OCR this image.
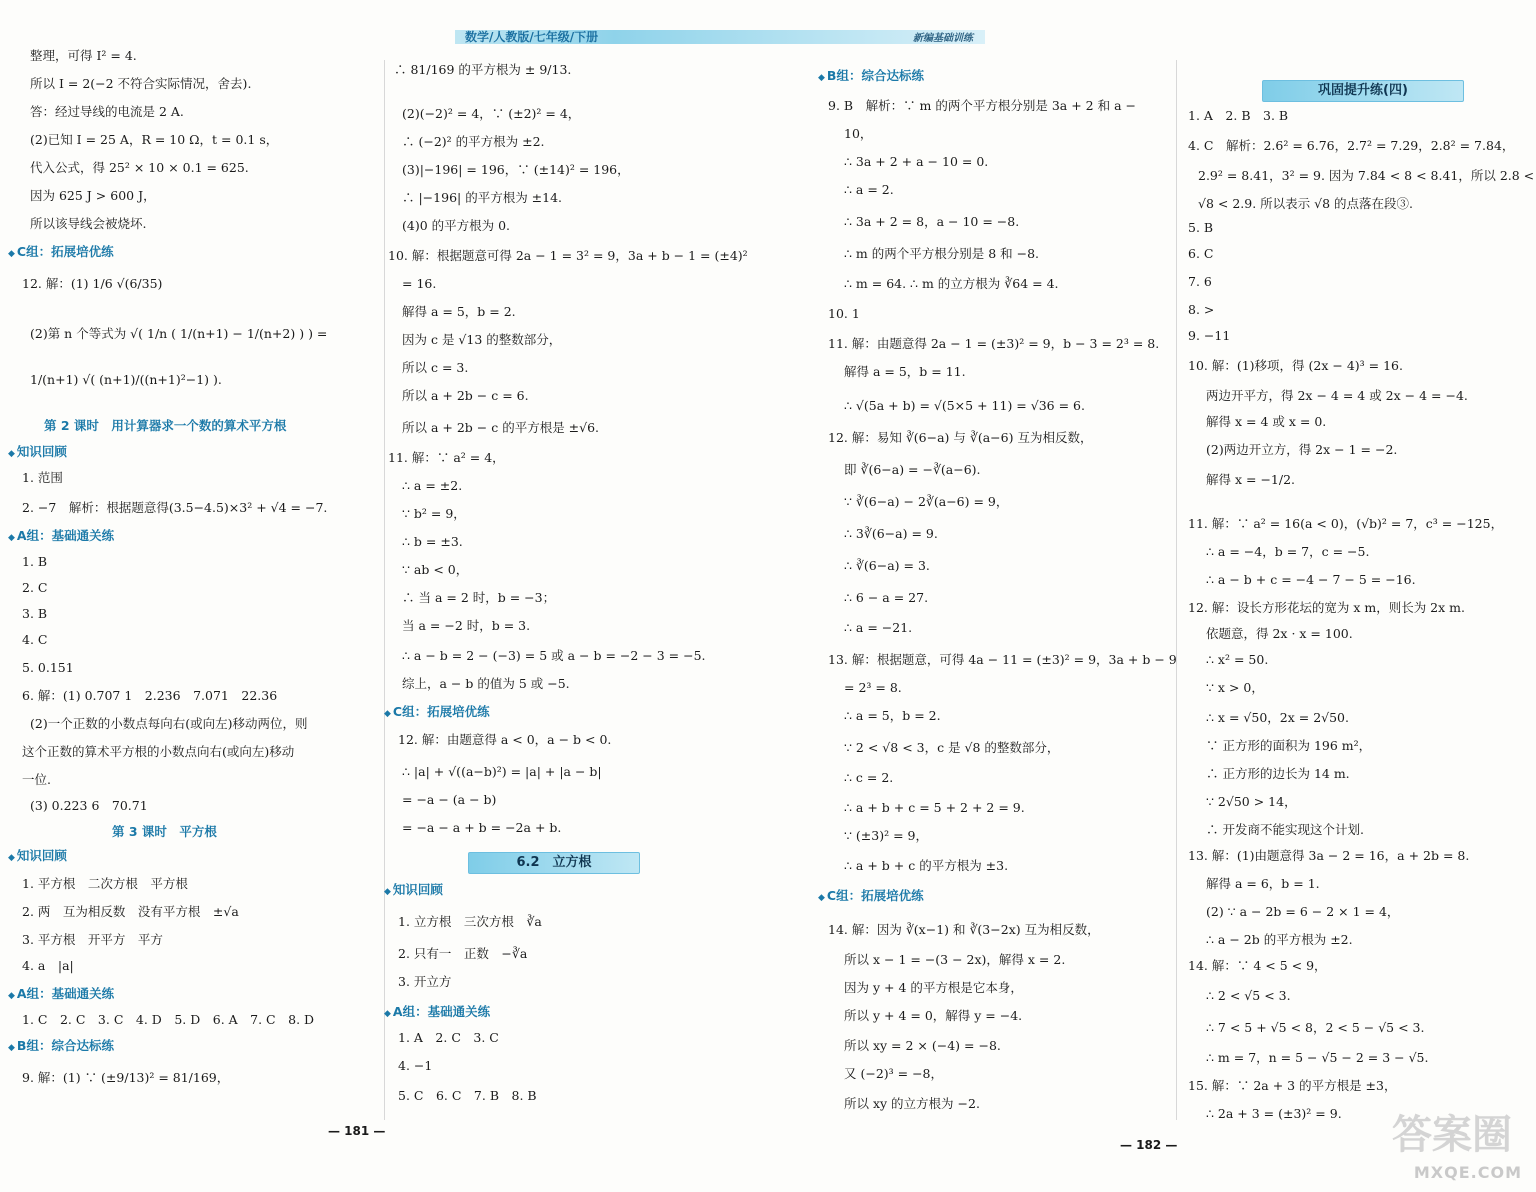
数学/人教版/七年级/下册	新编基础训练
整理，可得 I² = 4.
所以 I = 2(−2 不符合实际情况，舍去).
答：经过导线的电流是 2 A.
(2)已知 I = 25 A，R = 10 Ω，t = 0.1 s，
代入公式，得 25² × 10 × 0.1 = 625.
因为 625 J > 600 J，
所以该导线会被烧坏.
◆ C组：拓展培优练
12. 解：(1) 1/6 √(6/35)
(2)第 n 个等式为 √( 1/n ( 1/(n+1) − 1/(n+2) ) ) =
1/(n+1) √( (n+1)/((n+1)²−1) ).
第 2 课时　用计算器求一个数的算术平方根
◆ 知识回顾
1. 范围
2. −7　解析：根据题意得(3.5−4.5)×3² + √4 = −7.
◆ A组：基础通关练
1. B
2. C
3. B
4. C
5. 0.151
6. 解：(1) 0.707 1　2.236　7.071　22.36
(2)一个正数的小数点每向右(或向左)移动两位，则
这个正数的算术平方根的小数点向右(或向左)移动
一位.
(3) 0.223 6　70.71
第 3 课时　平方根
◆ 知识回顾
1. 平方根　二次方根　平方根
2. 两　互为相反数　没有平方根　±√a
3. 平方根　开平方　平方
4. a　|a|
◆ A组：基础通关练
1. C　2. C　3. C　4. D　5. D　6. A　7. C　8. D
◆ B组：综合达标练
9. 解：(1) ∵ (±9/13)² = 81/169，
∴ 81/169 的平方根为 ± 9/13.
(2)(−2)² = 4，∵ (±2)² = 4，
∴ (−2)² 的平方根为 ±2.
(3)|−196| = 196，∵ (±14)² = 196，
∴ |−196| 的平方根为 ±14.
(4)0 的平方根为 0.
10. 解：根据题意可得 2a − 1 = 3² = 9，3a + b − 1 = (±4)²
= 16.
解得 a = 5，b = 2.
因为 c 是 √13 的整数部分，
所以 c = 3.
所以 a + 2b − c = 6.
所以 a + 2b − c 的平方根是 ±√6.
11. 解：∵ a² = 4，
∴ a = ±2.
∵ b² = 9，
∴ b = ±3.
∵ ab < 0，
∴ 当 a = 2 时，b = −3；
当 a = −2 时，b = 3.
∴ a − b = 2 − (−3) = 5 或 a − b = −2 − 3 = −5.
综上，a − b 的值为 5 或 −5.
◆ C组：拓展培优练
12. 解：由题意得 a < 0，a − b < 0.
∴ |a| + √((a−b)²) = |a| + |a − b|
= −a − (a − b)
= −a − a + b = −2a + b.
◆ 知识回顾
1. 立方根　三次方根　∛a
2. 只有一　正数　−∛a
3. 开立方
◆ A组：基础通关练
1. A　2. C　3. C
4. −1
5. C　6. C　7. B　8. B
◆ B组：综合达标练
9. B　解析：∵ m 的两个平方根分别是 3a + 2 和 a −
10，
∴ 3a + 2 + a − 10 = 0.
∴ a = 2.
∴ 3a + 2 = 8，a − 10 = −8.
∴ m 的两个平方根分别是 8 和 −8.
∴ m = 64. ∴ m 的立方根为 ∛64 = 4.
10. 1
11. 解：由题意得 2a − 1 = (±3)² = 9，b − 3 = 2³ = 8.
解得 a = 5，b = 11.
∴ √(5a + b) = √(5×5 + 11) = √36 = 6.
12. 解：易知 ∛(6−a) 与 ∛(a−6) 互为相反数，
即 ∛(6−a) = −∛(a−6).
∵ ∛(6−a) − 2∛(a−6) = 9，
∴ 3∛(6−a) = 9.
∴ ∛(6−a) = 3.
∴ 6 − a = 27.
∴ a = −21.
13. 解：根据题意，可得 4a − 11 = (±3)² = 9，3a + b − 9
= 2³ = 8.
∴ a = 5，b = 2.
∵ 2 < √8 < 3，c 是 √8 的整数部分，
∴ c = 2.
∴ a + b + c = 5 + 2 + 2 = 9.
∵ (±3)² = 9，
∴ a + b + c 的平方根为 ±3.
◆ C组：拓展培优练
14. 解：因为 ∛(x−1) 和 ∛(3−2x) 互为相反数，
所以 x − 1 = −(3 − 2x)，解得 x = 2.
因为 y + 4 的平方根是它本身，
所以 y + 4 = 0，解得 y = −4.
所以 xy = 2 × (−4) = −8.
又 (−2)³ = −8，
所以 xy 的立方根为 −2.
1. A　2. B　3. B
4. C　解析：2.6² = 6.76，2.7² = 7.29，2.8² = 7.84，
2.9² = 8.41，3² = 9. 因为 7.84 < 8 < 8.41，所以 2.8 <
√8 < 2.9. 所以表示 √8 的点落在段③.
5. B
6. C
7. 6
8. >
9. −11
10. 解：(1)移项，得 (2x − 4)³ = 16.
两边开平方，得 2x − 4 = 4 或 2x − 4 = −4.
解得 x = 4 或 x = 0.
(2)两边开立方，得 2x − 1 = −2.
解得 x = −1/2.
11. 解：∵ a² = 16(a < 0)，(√b)² = 7，c³ = −125，
∴ a = −4，b = 7，c = −5.
∴ a − b + c = −4 − 7 − 5 = −16.
12. 解：设长方形花坛的宽为 x m，则长为 2x m.
依题意，得 2x · x = 100.
∴ x² = 50.
∵ x > 0，
∴ x = √50，2x = 2√50.
∵ 正方形的面积为 196 m²，
∴ 正方形的边长为 14 m.
∵ 2√50 > 14，
∴ 开发商不能实现这个计划.
13. 解：(1)由题意得 3a − 2 = 16，a + 2b = 8.
解得 a = 6，b = 1.
(2) ∵ a − 2b = 6 − 2 × 1 = 4，
∴ a − 2b 的平方根为 ±2.
14. 解：∵ 4 < 5 < 9，
∴ 2 < √5 < 3.
∴ 7 < 5 + √5 < 8，2 < 5 − √5 < 3.
∴ m = 7，n = 5 − √5 − 2 = 3 − √5.
15. 解：∵ 2a + 3 的平方根是 ±3，
∴ 2a + 3 = (±3)² = 9.
6.2　立方根
巩固提升练(四)
— 181 —
— 182 —	答案圈
MXQE.COM
